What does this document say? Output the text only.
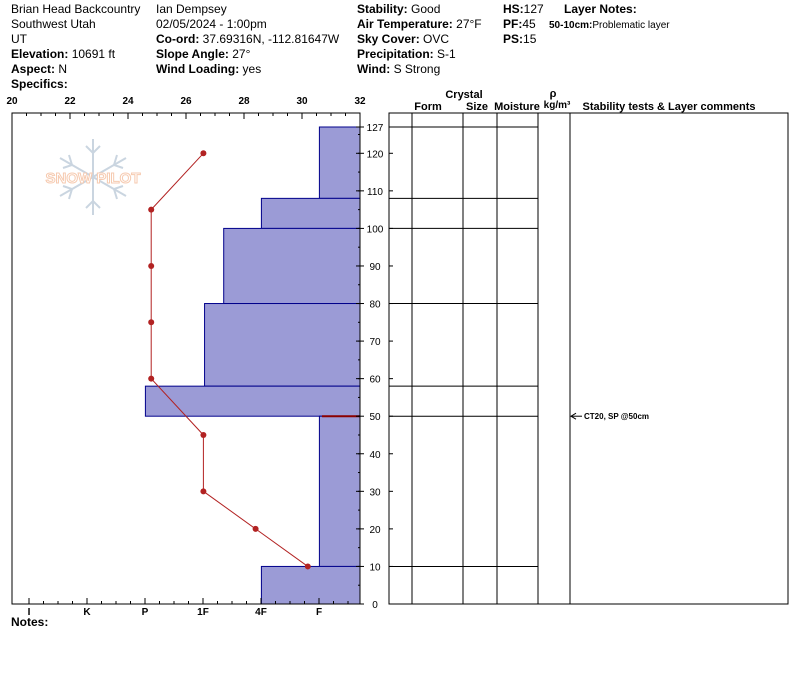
Brian Head Backcountry
Southwest Utah
UT
Elevation: 10691 ft
Aspect: N
Specifics:
Ian Dempsey
02/05/2024 - 1:00pm
Co-ord: 37.69316N, -112.81647W
Slope Angle: 27°
Wind Loading: yes
Stability: Good
Air Temperature: 27°F
Sky Cover: OVC
Precipitation: S-1
Wind: S Strong
HS:127
PF:45
PS:15
Layer Notes:
50-10cm:Problematic layer
Notes:
SNOW PILOT
20	22	24	26	28	30	32
0
10
20
30
40
50
60
70
80
90
100
110
120
127
I	K	P	1F	4F	F
Crystal
Form Size Moisture
ρ
kg/m³ Stability tests & Layer comments
CT20, SP @50cm
